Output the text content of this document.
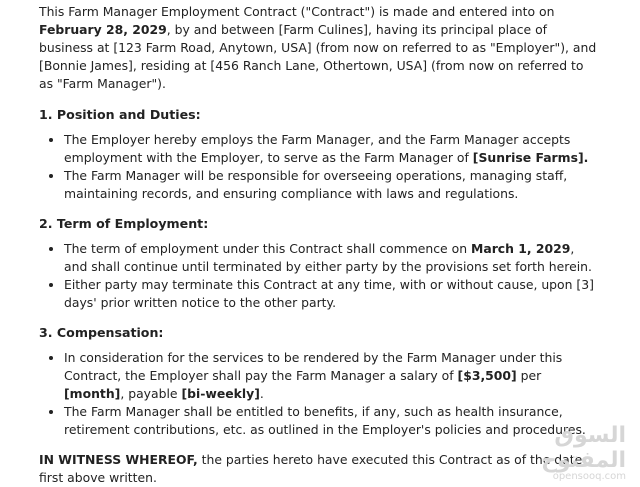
This Farm Manager Employment Contract ("Contract") is made and entered into on February 28, 2029, by and between [Farm Culines], having its principal place of business at [123 Farm Road, Anytown, USA] (from now on referred to as "Employer"), and [Bonnie James], residing at [456 Ranch Lane, Othertown, USA] (from now on referred to as "Farm Manager").

1. Position and Duties:
• The Employer hereby employs the Farm Manager, and the Farm Manager accepts employment with the Employer, to serve as the Farm Manager of [Sunrise Farms].
• The Farm Manager will be responsible for overseeing operations, managing staff, maintaining records, and ensuring compliance with laws and regulations.
2. Term of Employment:
• The term of employment under this Contract shall commence on March 1, 2029, and shall continue until terminated by either party by the provisions set forth herein.
• Either party may terminate this Contract at any time, with or without cause, upon [3] days' prior written notice to the other party.
3. Compensation:
• In consideration for the services to be rendered by the Farm Manager under this Contract, the Employer shall pay the Farm Manager a salary of [$3,500] per [month], payable [bi-weekly].
• The Farm Manager shall be entitled to benefits, if any, such as health insurance, retirement contributions, etc. as outlined in the Employer's policies and procedures.

IN WITNESS WHEREOF, the parties hereto have executed this Contract as of the date first above written.

السوق المفتوح
opensooq.com
